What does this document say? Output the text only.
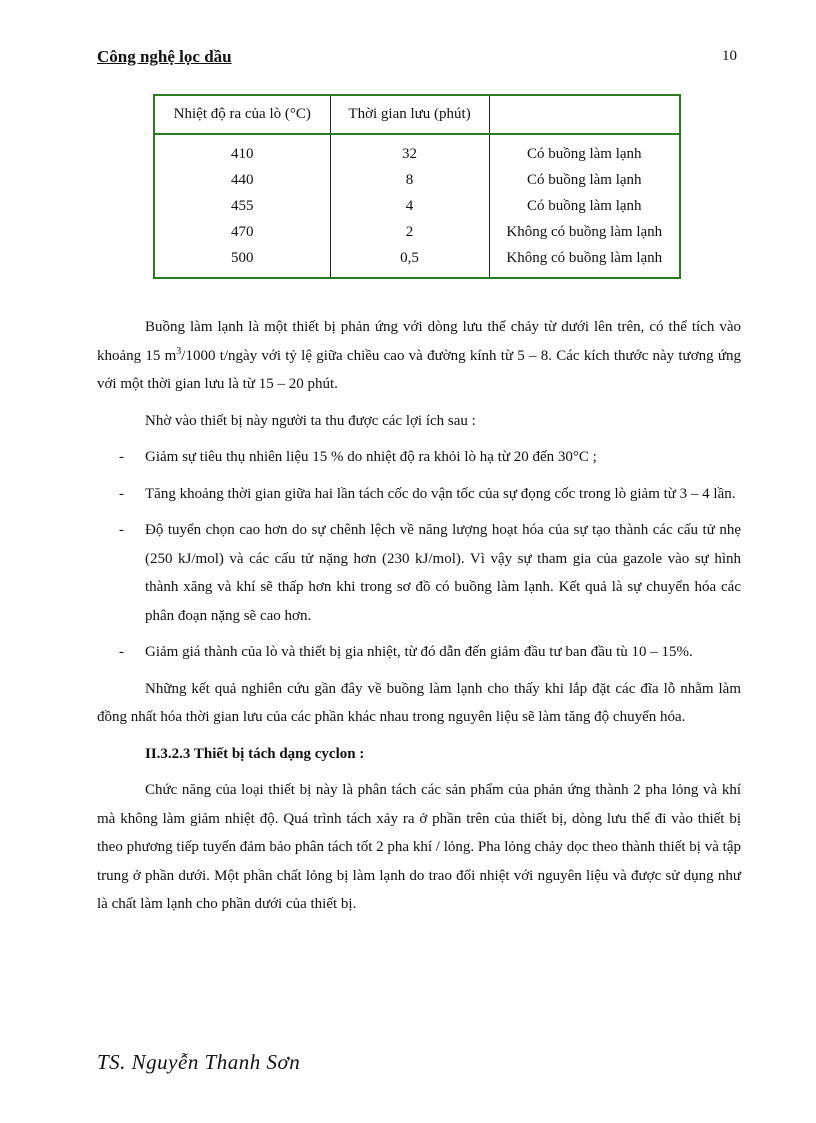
Công nghệ lọc dầu	10
Nhiệt độ ra của lò (°C)	Thời gian lưu (phút)	
410	32	Có buồng làm lạnh
440	8	Có buồng làm lạnh
455	4	Có buồng làm lạnh
470	2	Không có buồng làm lạnh
500	0,5	Không có buồng làm lạnh

Buồng làm lạnh là một thiết bị phản ứng với dòng lưu thể chảy từ dưới lên trên, có thể tích vào khoảng 15 $m^3/1000$ t/ngày với tỷ lệ giữa chiều cao và đường kính từ 5 – 8. Các kích thước này tương ứng với một thời gian lưu là từ 15 – 20 phút.

Nhờ vào thiết bị này người ta thu được các lợi ích sau :

- Giảm sự tiêu thụ nhiên liệu 15 % do nhiệt độ ra khỏi lò hạ từ 20 đến 30°C ;
- Tăng khoảng thời gian giữa hai lần tách cốc do vận tốc của sự đọng cốc trong lò giảm từ 3 – 4 lần.
- Độ tuyển chọn cao hơn do sự chênh lệch về năng lượng hoạt hóa của sự tạo thành các cấu tử nhẹ (250 kJ/mol) và các cấu tử nặng hơn (230 kJ/mol). Vì vậy sự tham gia của gazole vào sự hình thành xăng và khí sẽ thấp hơn khi trong sơ đồ có buồng làm lạnh. Kết quả là sự chuyển hóa các phân đoạn nặng sẽ cao hơn.
- Giảm giá thành của lò và thiết bị gia nhiệt, từ đó dẫn đến giảm đầu tư ban đầu tù 10 – 15%.

Những kết quả nghiên cứu gần đây về buồng làm lạnh cho thấy khi lắp đặt các đĩa lỗ nhằm làm đồng nhất hóa thời gian lưu của các phần khác nhau trong nguyên liệu sẽ làm tăng độ chuyển hóa.

II.3.2.3 Thiết bị tách dạng cyclon :

Chức năng của loại thiết bị này là phân tách các sản phẩm của phản ứng thành 2 pha lỏng và khí mà không làm giảm nhiệt độ. Quá trình tách xảy ra ở phần trên của thiết bị, dòng lưu thể đi vào thiết bị theo phương tiếp tuyến đảm bảo phân tách tốt 2 pha khí / lỏng. Pha lỏng chảy dọc theo thành thiết bị và tập trung ở phần dưới. Một phần chất lỏng bị làm lạnh do trao đổi nhiệt với nguyên liệu và được sử dụng như là chất làm lạnh cho phần dưới của thiết bị.

TS. Nguyễn Thanh Sơn
